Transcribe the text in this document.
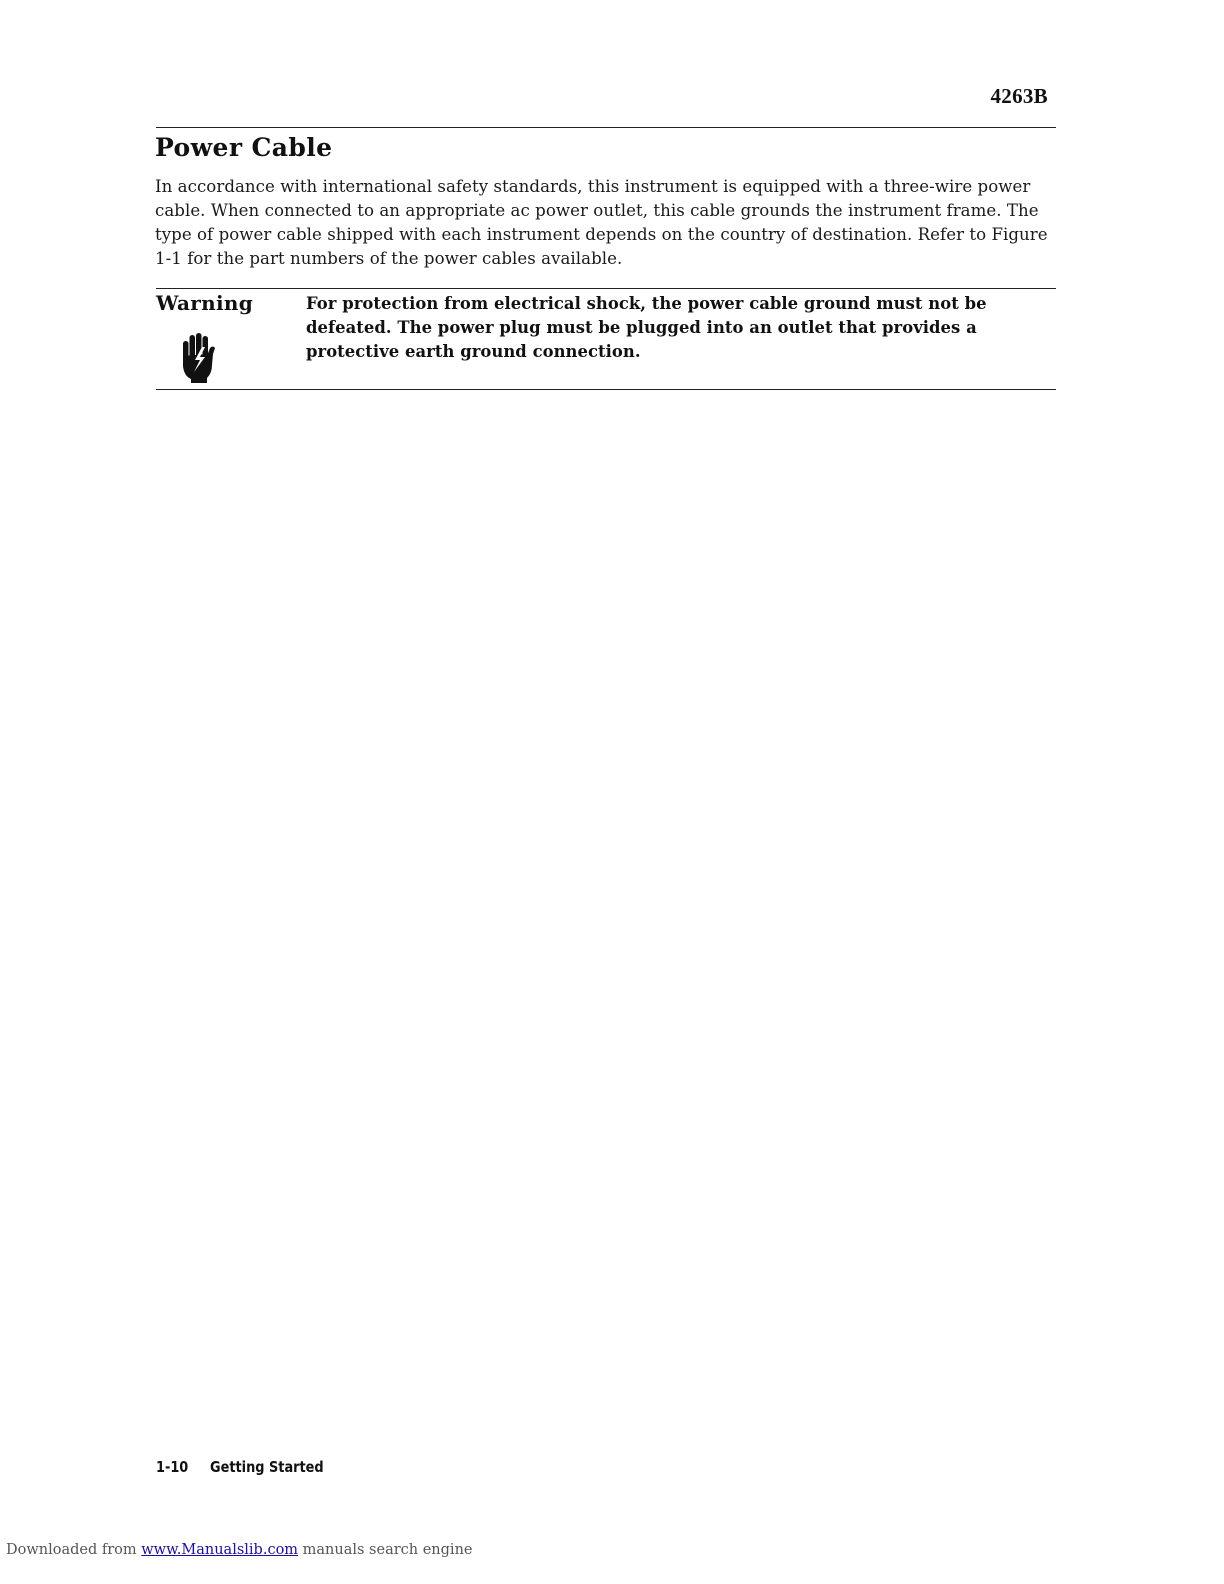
4263B
Power Cable

In accordance with international safety standards, this instrument is equipped with a three-wire power cable. When connected to an appropriate ac power outlet, this cable grounds the instrument frame. The type of power cable shipped with each instrument depends on the country of destination. Refer to Figure 1-1 for the part numbers of the power cables available.

Warning	For protection from electrical shock, the power cable ground must not be defeated. The power plug must be plugged into an outlet that provides a protective earth ground connection.

1-10 Getting Started
Downloaded from www.Manualslib.com manuals search engine
